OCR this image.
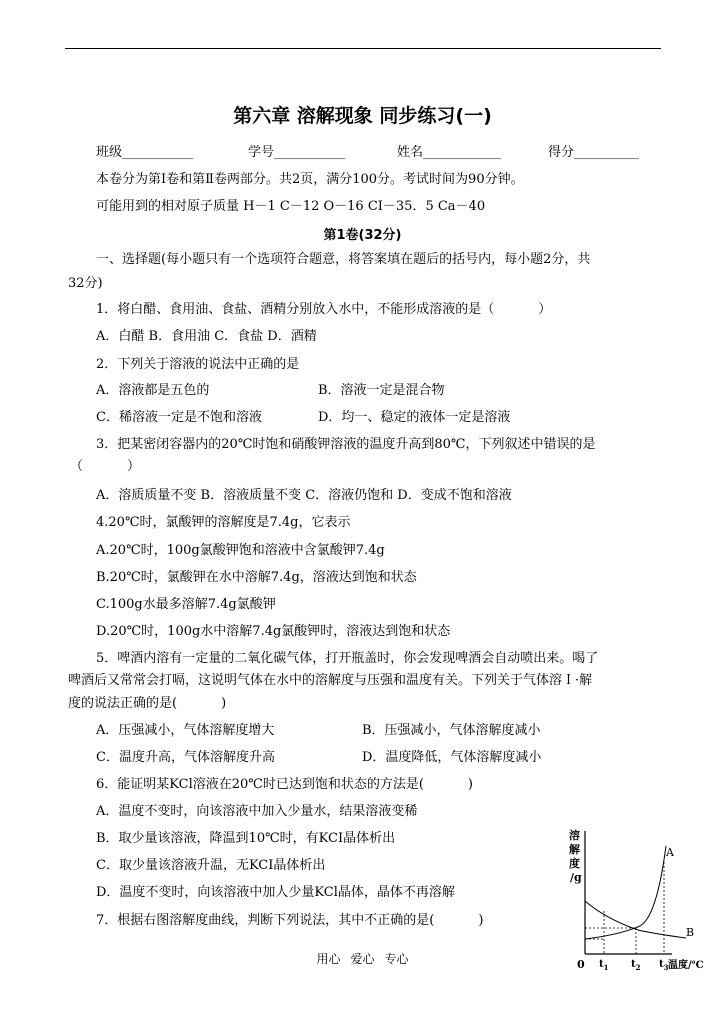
第六章 溶解现象 同步练习(一)
班级___________	学号___________	姓名____________	得分__________
本卷分为第Ⅰ卷和第Ⅱ卷两部分。共2页，满分100分。考试时间为90分钟。
可能用到的相对原子质量 H－1 C－12 O－16 CI－35．5 Ca－40
第1卷(32分)
一、选择题(每小题只有一个选项符合题意，将答案填在题后的括号内，每小题2分，共
32分)
1．将白醋、食用油、食盐、酒精分别放入水中，不能形成溶液的是（	）
A．白醋 B．食用油 C．食盐 D．酒精
2．下列关于溶液的说法中正确的是
A．溶液都是五色的	B．溶液一定是混合物
C．稀溶液一定是不饱和溶液	D．均一、稳定的液体一定是溶液
3．把某密闭容器内的20℃时饱和硝酸钾溶液的温度升高到80℃，下列叙述中错误的是
（	）
A．溶质质量不变 B．溶液质量不变 C．溶液仍饱和 D．变成不饱和溶液
4.20℃时，氯酸钾的溶解度是7.4g，它表示
A.20℃时，100g氯酸钾饱和溶液中含氯酸钾7.4g
B.20℃时，氯酸钾在水中溶解7.4g，溶液达到饱和状态
C.100g水最多溶解7.4g氯酸钾
D.20℃时，100g水中溶解7.4g氯酸钾时，溶液达到饱和状态
5．啤酒内溶有一定量的二氧化碳气体，打开瓶盖时，你会发现啤酒会自动喷出来。喝了
啤酒后又常常会打嗝，这说明气体在水中的溶解度与压强和温度有关。下列关于气体溶Ｉ·解
度的说法正确的是(	)
A．压强减小，气体溶解度增大	B．压强减小，气体溶解度减小
C．温度升高，气体溶解度升高	D．温度降低，气体溶解度减小
6．能证明某KCl溶液在20℃时已达到饱和状态的方法是(	)
A．温度不变时，向该溶液中加入少量水，结果溶液变稀
B．取少量该溶液，降温到10℃时，有KCI晶体析出
C．取少量该溶液升温，无KCI晶体析出
D．温度不变时，向该溶液中加人少量KCl晶体，晶体不再溶解
7．根据右图溶解度曲线，判断下列说法，其中不正确的是(	)
溶
解
度
/g
A
B
0 $t_1$ $t_2$ $t_3$ 温度/℃
用心 爱心 专心
